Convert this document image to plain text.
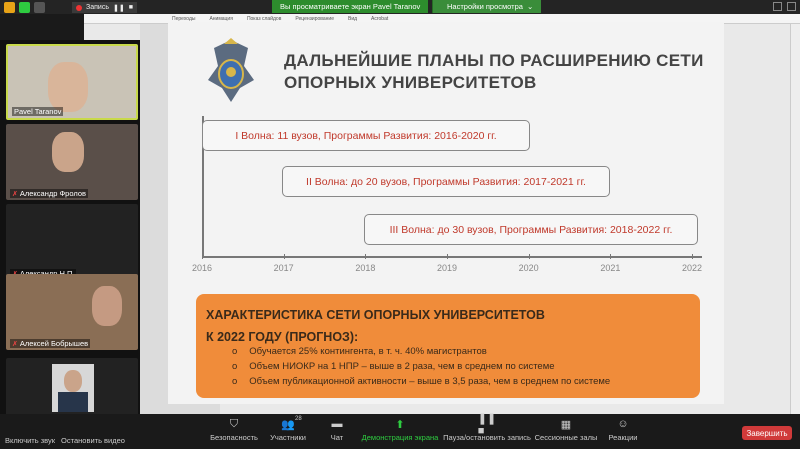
Запись ❚❚ ■	Вы просматриваете экран Pavel Taranov	Настройки просмотра ⌄
Переходы	Анимация	Показ слайдов	Рецензирование	Вид	Acrobat
ДАЛЬНЕЙШИЕ ПЛАНЫ ПО РАСШИРЕНИЮ СЕТИ
ОПОРНЫХ УНИВЕРСИТЕТОВ
I Волна: 11 вузов, Программы Развития: 2016-2020 гг.
II Волна: до 20 вузов, Программы Развития: 2017-2021 гг.
III Волна: до 30 вузов, Программы Развития: 2018-2022 гг.
2016	2017	2018	2019	2020	2021	2022
ХАРАКТЕРИСТИКА СЕТИ ОПОРНЫХ УНИВЕРСИТЕТОВ
К 2022 ГОДУ (ПРОГНОЗ):
o Обучается 25% контингента, в т. ч. 40% магистрантов
o Объем НИОКР на 1 НПР – выше в 2 раза, чем в среднем по системе
o Объем публикационной активности – выше в 3,5 раза, чем в среднем по системе
Pavel Taranov
✗ Александр Фролов
✗ Алексей Бобрышев
Включить звук Остановить видео
⛉
Безопасность
👥 28
Участники
▬
Чат
⬆
Демонстрация экрана
❚❚ ■
Пауза/остановить запись
▦
Сессионные залы
☺
Реакции	Завершить
